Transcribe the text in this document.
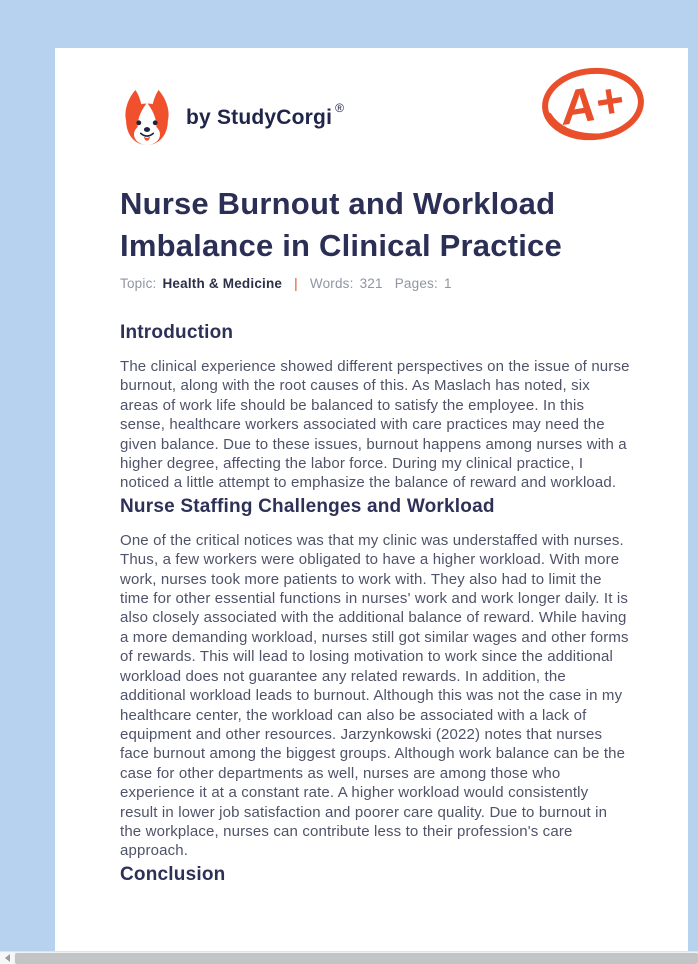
by StudyCorgi ®	A+
Nurse Burnout and Workload Imbalance in Clinical Practice
Topic: Health & Medicine | Words: 321 Pages: 1
Introduction

The clinical experience showed different perspectives on the issue of nurse burnout, along with the root causes of this. As Maslach has noted, six areas of work life should be balanced to satisfy the employee. In this sense, healthcare workers associated with care practices may need the given balance. Due to these issues, burnout happens among nurses with a higher degree, affecting the labor force. During my clinical practice, I noticed a little attempt to emphasize the balance of reward and workload.

Nurse Staffing Challenges and Workload

One of the critical notices was that my clinic was understaffed with nurses. Thus, a few workers were obligated to have a higher workload. With more work, nurses took more patients to work with. They also had to limit the time for other essential functions in nurses' work and work longer daily. It is also closely associated with the additional balance of reward. While having a more demanding workload, nurses still got similar wages and other forms of rewards. This will lead to losing motivation to work since the additional workload does not guarantee any related rewards. In addition, the additional workload leads to burnout. Although this was not the case in my healthcare center, the workload can also be associated with a lack of equipment and other resources. Jarzynkowski (2022) notes that nurses face burnout among the biggest groups. Although work balance can be the case for other departments as well, nurses are among those who experience it at a constant rate. A higher workload would consistently result in lower job satisfaction and poorer care quality. Due to burnout in the workplace, nurses can contribute less to their profession's care approach.

Conclusion
